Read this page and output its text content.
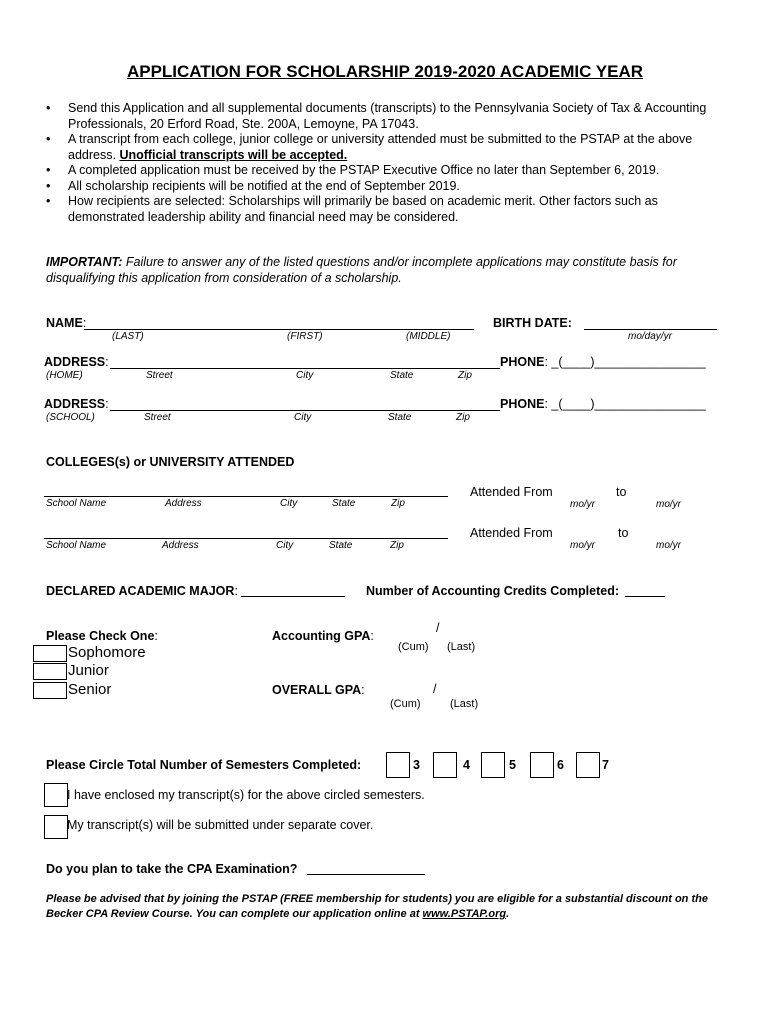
APPLICATION FOR SCHOLARSHIP 2019-2020 ACADEMIC YEAR
• Send this Application and all supplemental documents (transcripts) to the Pennsylvania Society of Tax & Accounting Professionals, 20 Erford Road, Ste. 200A, Lemoyne, PA 17043.
• A transcript from each college, junior college or university attended must be submitted to the PSTAP at the above address. Unofficial transcripts will be accepted.
• A completed application must be received by the PSTAP Executive Office no later than September 6, 2019.
• All scholarship recipients will be notified at the end of September 2019.
• How recipients are selected: Scholarships will primarily be based on academic merit. Other factors such as demonstrated leadership ability and financial need may be considered.
IMPORTANT: Failure to answer any of the listed questions and/or incomplete applications may constitute basis for disqualifying this application from consideration of a scholarship.
NAME:
(LAST)	(FIRST)	(MIDDLE)
BIRTH DATE:
mo/day/yr
ADDRESS:
(HOME)	Street	City	State	Zip
PHONE: _(____)________________
ADDRESS:
(SCHOOL)	Street	City	State	Zip
PHONE: _(____)________________
COLLEGES(s) or UNIVERSITY ATTENDED
School Name	Address	City	State	Zip
Attended From	to
mo/yr	mo/yr
School Name	Address	City	State	Zip
Attended From	to
mo/yr	mo/yr
DECLARED ACADEMIC MAJOR:	Number of Accounting Credits Completed:
Please Check One:
Sophomore
Junior
Senior
Accounting GPA:
/
(Cum) (Last)
OVERALL GPA:	/
(Cum)	(Last)
Please Circle Total Number of Semesters Completed:	3	4	5	6	7
I have enclosed my transcript(s) for the above circled semesters.
My transcript(s) will be submitted under separate cover.
Do you plan to take the CPA Examination?
Please be advised that by joining the PSTAP (FREE membership for students) you are eligible for a substantial discount on the Becker CPA Review Course. You can complete our application online at www.PSTAP.org.
